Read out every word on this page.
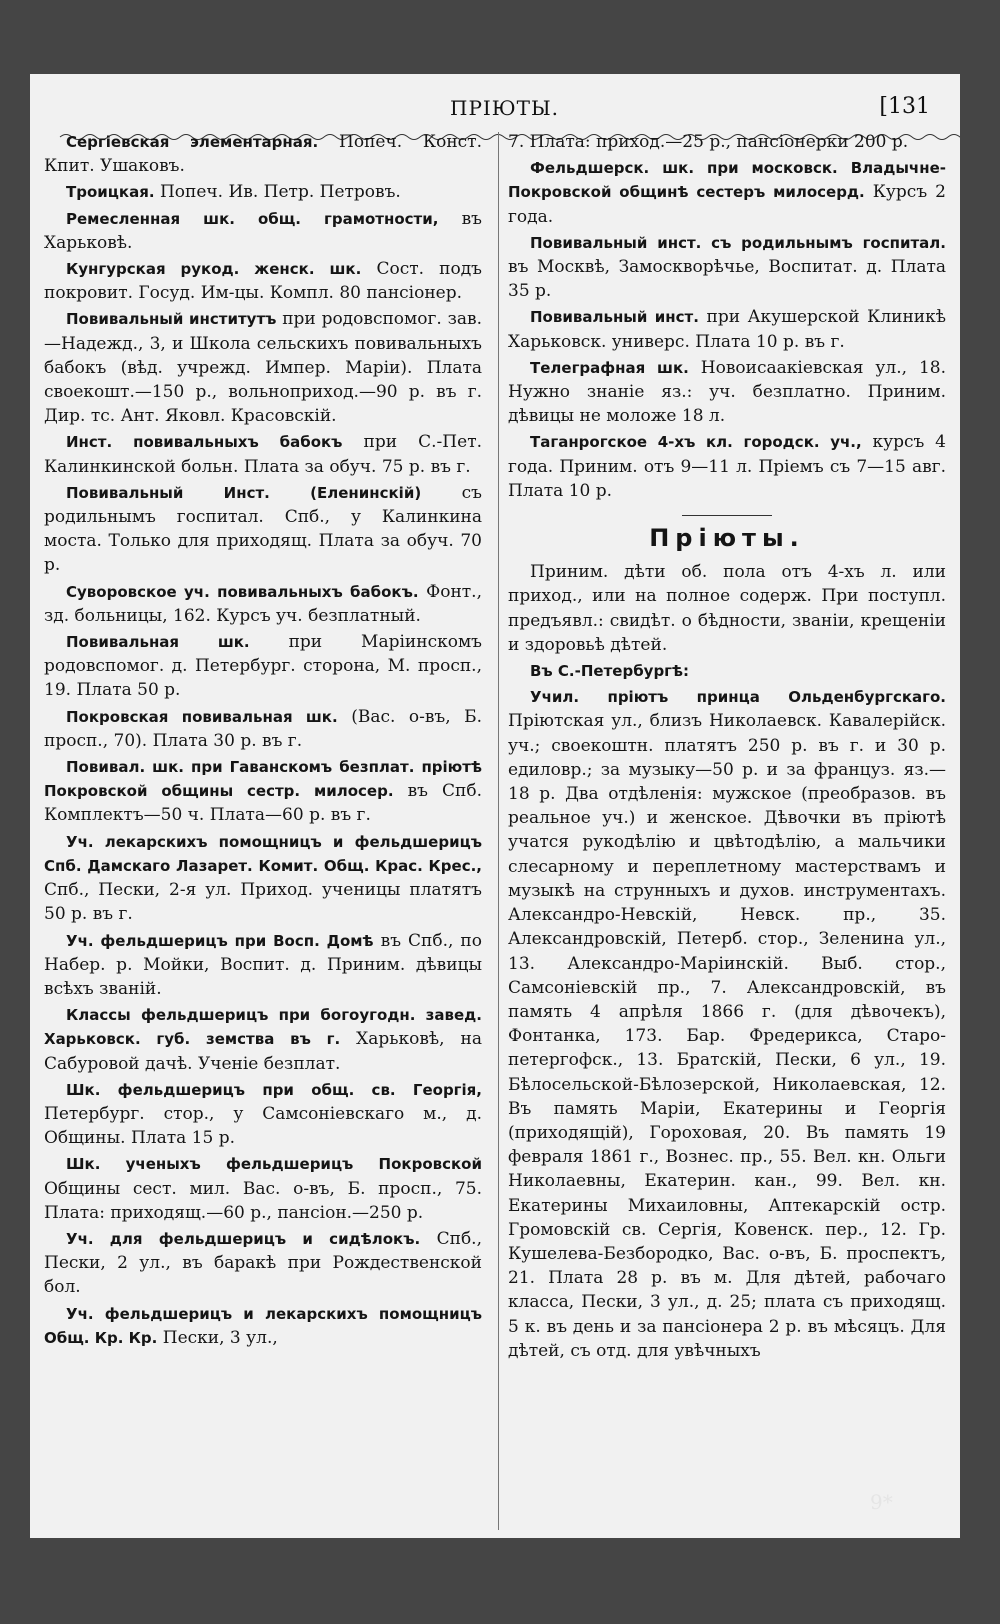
ПРІЮТЫ.	[131

Сергіевская элементарная. Попеч. Конст. Кпит. Ушаковъ.

Троицкая. Попеч. Ив. Петр. Петровъ.

Ремесленная шк. общ. грамотности, въ Харьковѣ.

Кунгурская рукод. женск. шк. Сост. подъ покровит. Госуд. Им-цы. Компл. 80 пансіонер.

Повивальный институтъ при родовспомог. зав.—Надежд., 3, и Школа сельскихъ повивальныхъ бабокъ (вѣд. учрежд. Импер. Маріи). Плата своекошт.—150 р., вольноприход.—90 р. въ г. Дир. тс. Ант. Яковл. Красовскій.

Инст. повивальныхъ бабокъ при С.-Пет. Калинкинской больн. Плата за обуч. 75 р. въ г.

Повивальный Инст. (Еленинскій) съ родильнымъ госпитал. Спб., у Калинкина моста. Только для приходящ. Плата за обуч. 70 р.

Суворовское уч. повивальныхъ бабокъ. Фонт., зд. больницы, 162. Курсъ уч. безплатный.

Повивальная шк. при Маріинскомъ родовспомог. д. Петербург. сторона, М. просп., 19. Плата 50 р.

Покровская повивальная шк. (Вас. о-въ, Б. просп., 70). Плата 30 р. въ г.

Повивал. шк. при Гаванскомъ безплат. пріютѣ Покровской общины сестр. милосер. въ Спб. Комплектъ—50 ч. Плата—60 р. въ г.

Уч. лекарскихъ помощницъ и фельдшерицъ Спб. Дамскаго Лазарет. Комит. Общ. Крас. Крес., Спб., Пески, 2-я ул. Приход. ученицы платятъ 50 р. въ г.

Уч. фельдшерицъ при Восп. Домѣ въ Спб., по Набер. р. Мойки, Воспит. д. Приним. дѣвицы всѣхъ званій.

Классы фельдшерицъ при богоугодн. завед. Харьковск. губ. земства въ г. Харьковѣ, на Сабуровой дачѣ. Ученіе безплат.

Шк. фельдшерицъ при общ. св. Георгія, Петербург. стор., у Самсоніевскаго м., д. Общины. Плата 15 р.

Шк. ученыхъ фельдшерицъ Покровской Общины сест. мил. Вас. о-въ, Б. просп., 75. Плата: приходящ.—60 р., пансіон.—250 р.

Уч. для фельдшерицъ и сидѣлокъ. Спб., Пески, 2 ул., въ баракѣ при Рождественской бол.

Уч. фельдшерицъ и лекарскихъ помощницъ Общ. Кр. Кр. Пески, 3 ул.,

7. Плата: приход.—25 р., пансіонерки 200 р.

Фельдшерск. шк. при московск. Владычне-Покровской общинѣ сестеръ милосерд. Курсъ 2 года.

Повивальный инст. съ родильнымъ госпитал. въ Москвѣ, Замоскворѣчье, Воспитат. д. Плата 35 р.

Повивальный инст. при Акушерской Клиникѣ Харьковск. универс. Плата 10 р. въ г.

Телеграфная шк. Новоисаакіевская ул., 18. Нужно знаніе яз.: уч. безплатно. Приним. дѣвицы не моложе 18 л.

Таганрогское 4-хъ кл. городск. уч., курсъ 4 года. Приним. отъ 9—11 л. Пріемъ съ 7—15 авг. Плата 10 р.

Пріюты.

Приним. дѣти об. пола отъ 4-хъ л. или приход., или на полное содерж. При поступл. предъявл.: свидѣт. о бѣдности, званіи, крещеніи и здоровьѣ дѣтей.

Въ С.-Петербургѣ:

Учил. пріютъ принца Ольденбургскаго. Пріютская ул., близъ Николаевск. Кавалерійск. уч.; своекоштн. платятъ 250 р. въ г. и 30 р. едиловр.; за музыку—50 р. и за француз. яз.—18 р. Два отдѣленія: мужское (преобразов. въ реальное уч.) и женское. Дѣвочки въ пріютѣ учатся рукодѣлію и цвѣтодѣлію, а мальчики слесарному и переплетному мастерствамъ и музыкѣ на струнныхъ и духов. инструментахъ. Александро-Невскій, Невск. пр., 35. Александровскій, Петерб. стор., Зеленина ул., 13. Александро-Маріинскій. Выб. стор., Самсоніевскій пр., 7. Александровскій, въ память 4 апрѣля 1866 г. (для дѣвочекъ), Фонтанка, 173. Бар. Фредерикса, Старо-петергофск., 13. Братскій, Пески, 6 ул., 19. Бѣлосельской-Бѣлозерской, Николаевская, 12. Въ память Маріи, Екатерины и Георгія (приходящій), Гороховая, 20. Въ память 19 февраля 1861 г., Вознес. пр., 55. Вел. кн. Ольги Николаевны, Екатерин. кан., 99. Вел. кн. Екатерины Михаиловны, Аптекарскій остр. Громовскій св. Сергія, Ковенск. пер., 12. Гр. Кушелева-Безбородко, Вас. о-въ, Б. проспектъ, 21. Плата 28 р. въ м. Для дѣтей, рабочаго класса, Пески, 3 ул., д. 25; плата съ приходящ. 5 к. въ день и за пансіонера 2 р. въ мѣсяцъ. Для дѣтей, съ отд. для увѣчныхъ

9*
